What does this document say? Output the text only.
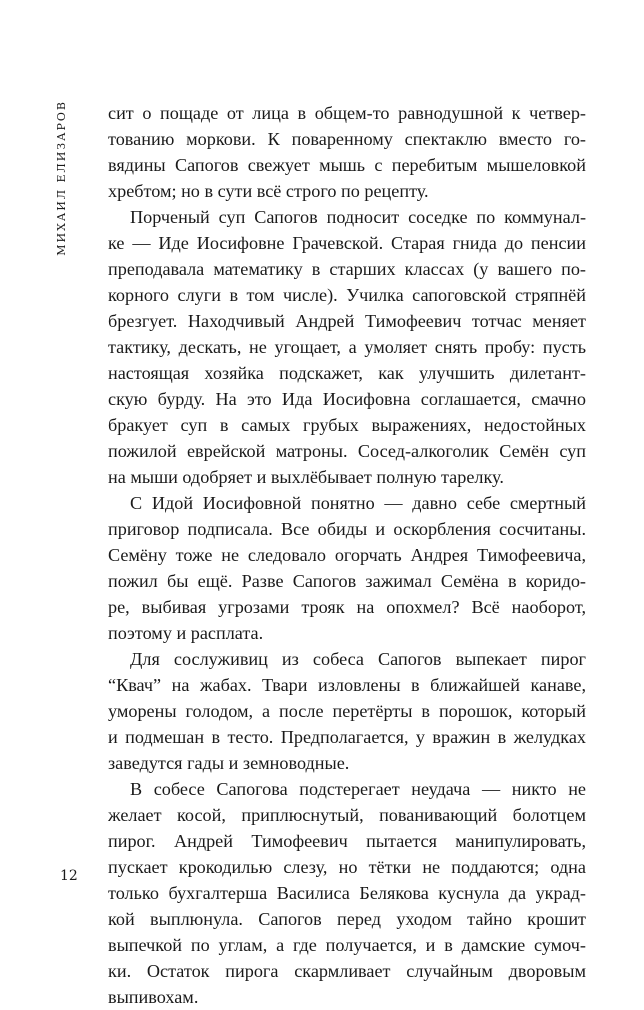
МИХАИЛ ЕЛИЗАРОВ сит о пощаде от лица в общем-то равнодушной к четвер-
тованию моркови. К поваренному спектаклю вместо го-
вядины Сапогов свежует мышь с перебитым мышеловкой
хребтом; но в сути всё строго по рецепту.
Порченый суп Сапогов подносит соседке по коммунал-
ке — Иде Иосифовне Грачевской. Старая гнида до пенсии
преподавала математику в старших классах (у вашего по-
корного слуги в том числе). Училка сапоговской стряпнёй
брезгует. Находчивый Андрей Тимофеевич тотчас меняет
тактику, дескать, не угощает, а умоляет снять пробу: пусть
настоящая хозяйка подскажет, как улучшить дилетант-
скую бурду. На это Ида Иосифовна соглашается, смачно
бракует суп в самых грубых выражениях, недостойных
пожилой еврейской матроны. Сосед-алкоголик Семён суп
на мыши одобряет и выхлёбывает полную тарелку.
С Идой Иосифовной понятно — давно себе смертный
приговор подписала. Все обиды и оскорбления сосчитаны.
Семёну тоже не следовало огорчать Андрея Тимофеевича,
пожил бы ещё. Разве Сапогов зажимал Семёна в коридо-
ре, выбивая угрозами трояк на опохмел? Всё наоборот,
поэтому и расплата.
Для сослуживиц из собеса Сапогов выпекает пирог
“Квач” на жабах. Твари изловлены в ближайшей канаве,
уморены голодом, а после перетёрты в порошок, который
и подмешан в тесто. Предполагается, у вражин в желудках
заведутся гады и земноводные.
В собесе Сапогова подстерегает неудача — никто не
желает косой, приплюснутый, пованивающий болотцем
пирог. Андрей Тимофеевич пытается манипулировать,
пускает крокодилью слезу, но тётки не поддаются; одна
только бухгалтерша Василиса Белякова куснула да украд-
кой выплюнула. Сапогов перед уходом тайно крошит
выпечкой по углам, а где получается, и в дамские сумоч-
ки. Остаток пирога скармливает случайным дворовым
выпивохам.
12
